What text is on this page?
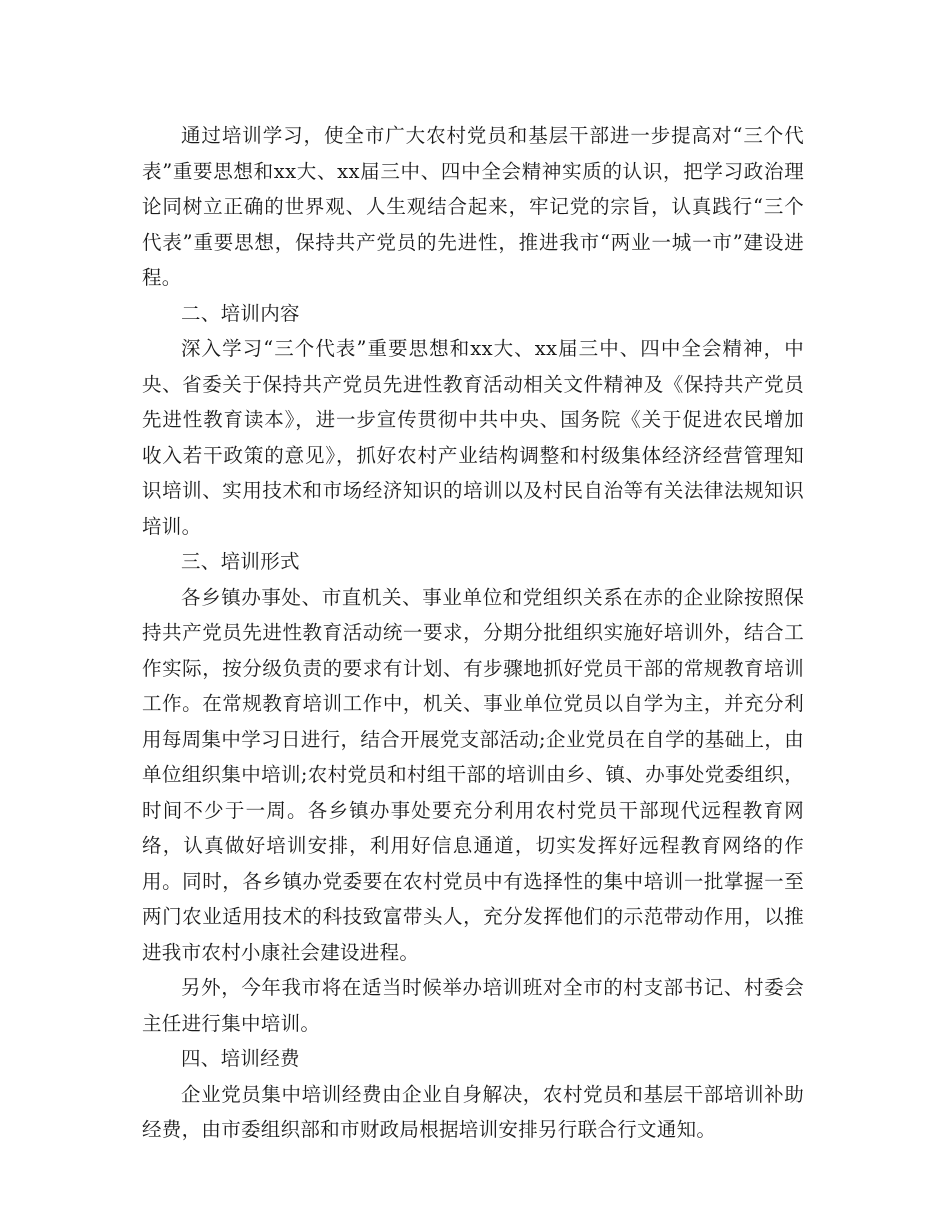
通过培训学习，使全市广大农村党员和基层干部进一步提高对“三个代表”重要思想和xx大、xx届三中、四中全会精神实质的认识，把学习政治理论同树立正确的世界观、人生观结合起来，牢记党的宗旨，认真践行“三个代表”重要思想，保持共产党员的先进性，推进我市“两业一城一市”建设进程。

二、培训内容

深入学习“三个代表”重要思想和xx大、xx届三中、四中全会精神，中央、省委关于保持共产党员先进性教育活动相关文件精神及《保持共产党员先进性教育读本》，进一步宣传贯彻中共中央、国务院《关于促进农民增加收入若干政策的意见》，抓好农村产业结构调整和村级集体经济经营管理知识培训、实用技术和市场经济知识的培训以及村民自治等有关法律法规知识培训。

三、培训形式

各乡镇办事处、市直机关、事业单位和党组织关系在赤的企业除按照保持共产党员先进性教育活动统一要求，分期分批组织实施好培训外，结合工作实际，按分级负责的要求有计划、有步骤地抓好党员干部的常规教育培训工作。在常规教育培训工作中，机关、事业单位党员以自学为主，并充分利用每周集中学习日进行，结合开展党支部活动;企业党员在自学的基础上，由单位组织集中培训;农村党员和村组干部的培训由乡、镇、办事处党委组织，时间不少于一周。各乡镇办事处要充分利用农村党员干部现代远程教育网络，认真做好培训安排，利用好信息通道，切实发挥好远程教育网络的作用。同时，各乡镇办党委要在农村党员中有选择性的集中培训一批掌握一至两门农业适用技术的科技致富带头人，充分发挥他们的示范带动作用，以推进我市农村小康社会建设进程。

另外，今年我市将在适当时候举办培训班对全市的村支部书记、村委会主任进行集中培训。

四、培训经费

企业党员集中培训经费由企业自身解决，农村党员和基层干部培训补助经费，由市委组织部和市财政局根据培训安排另行联合行文通知。
